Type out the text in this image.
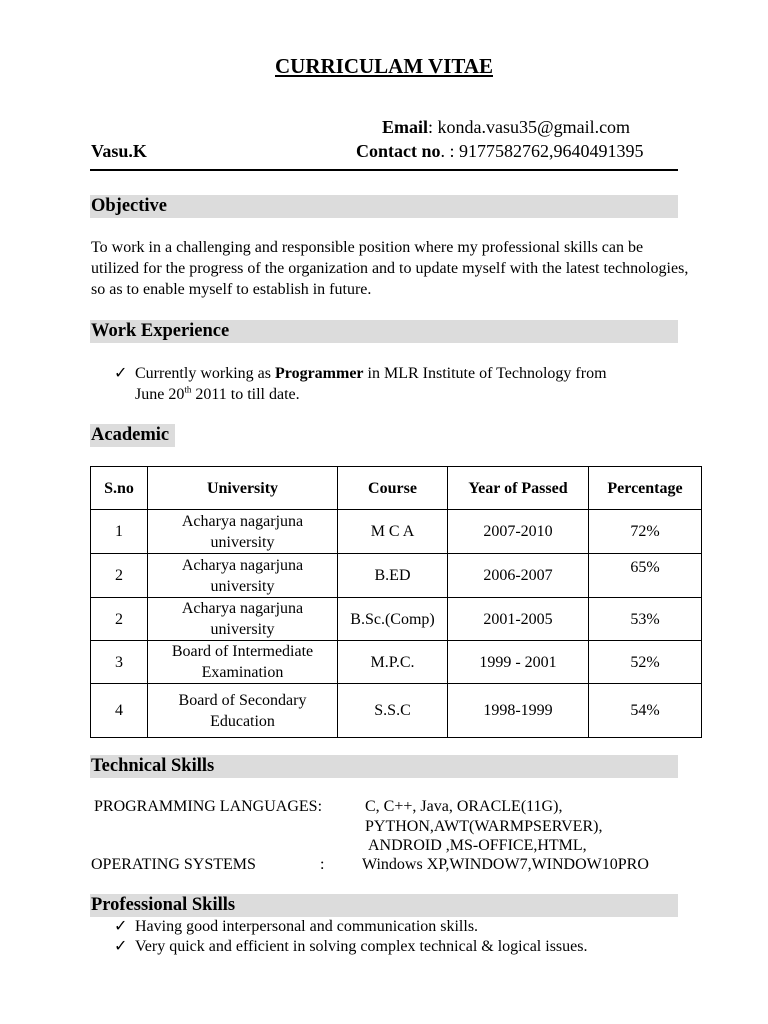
CURRICULAM VITAE
Email: konda.vasu35@gmail.com
Vasu.K	Contact no. : 9177582762,9640491395
Objective
To work in a challenging and responsible position where my professional skills can be utilized for the progress of the organization and to update myself with the latest technologies, so as to enable myself to establish in future.
Work Experience
✓ Currently working as Programmer in MLR Institute of Technology from
June 20th 2011 to till date.
Academic
S.no	University	Course	Year of Passed	Percentage
1	Acharya nagarjuna university	M C A	2007-2010	72%
2	Acharya nagarjuna university	B.ED	2006-2007	65%
2	Acharya nagarjuna university	B.Sc.(Comp)	2001-2005	53%
3	Board of Intermediate Examination	M.P.C.	1999 - 2001	52%
4	Board of Secondary Education	S.S.C	1998-1999	54%
Technical Skills
PROGRAMMING LANGUAGES:	C, C++, Java, ORACLE(11G),
PYTHON,AWT(WARMPSERVER),
ANDROID ,MS-OFFICE,HTML,
OPERATING SYSTEMS	: Windows XP,WINDOW7,WINDOW10PRO
Professional Skills
✓ Having good interpersonal and communication skills.
✓ Very quick and efficient in solving complex technical & logical issues.
